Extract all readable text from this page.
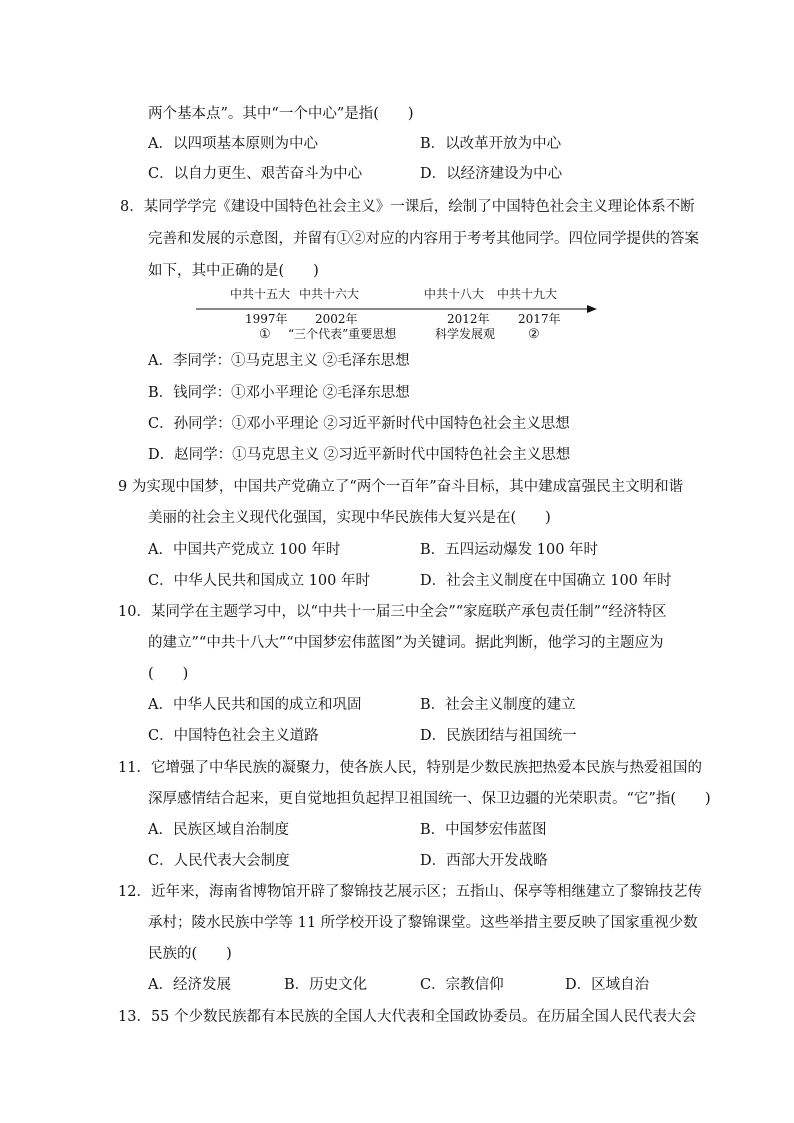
两个基本点”。其中“一个中心”是指(　　)
A．以四项基本原则为中心	B．以改革开放为中心
C．以自力更生、艰苦奋斗为中心	D．以经济建设为中心
8．某同学学完《建设中国特色社会主义》一课后，绘制了中国特色社会主义理论体系不断
完善和发展的示意图，并留有①②对应的内容用于考考其他同学。四位同学提供的答案
如下，其中正确的是(　　)
中共十五大 中共十六大	中共十八大 中共十九大
1997年 2002年	2012年 2017年
① “三个代表”重要思想	科学发展观	②
A．李同学：①马克思主义 ②毛泽东思想
B．钱同学：①邓小平理论 ②毛泽东思想
C．孙同学：①邓小平理论 ②习近平新时代中国特色社会主义思想
D．赵同学：①马克思主义 ②习近平新时代中国特色社会主义思想
9 为实现中国梦，中国共产党确立了“两个一百年”奋斗目标，其中建成富强民主文明和谐
美丽的社会主义现代化强国，实现中华民族伟大复兴是在(　　)
A．中国共产党成立 100 年时	B．五四运动爆发 100 年时
C．中华人民共和国成立 100 年时	D．社会主义制度在中国确立 100 年时
10．某同学在主题学习中，以“中共十一届三中全会”“家庭联产承包责任制”“经济特区
的建立”“中共十八大”“中国梦宏伟蓝图”为关键词。据此判断，他学习的主题应为
(　　)
A．中华人民共和国的成立和巩固	B．社会主义制度的建立
C．中国特色社会主义道路	D．民族团结与祖国统一
11．它增强了中华民族的凝聚力，使各族人民，特别是少数民族把热爱本民族与热爱祖国的
深厚感情结合起来，更自觉地担负起捍卫祖国统一、保卫边疆的光荣职责。“它”指(　　)
A．民族区域自治制度	B．中国梦宏伟蓝图
C．人民代表大会制度	D．西部大开发战略
12．近年来，海南省博物馆开辟了黎锦技艺展示区；五指山、保亭等相继建立了黎锦技艺传
承村；陵水民族中学等 11 所学校开设了黎锦课堂。这些举措主要反映了国家重视少数
民族的(　　)
A．经济发展	B．历史文化	C．宗教信仰	D．区域自治
13．55 个少数民族都有本民族的全国人大代表和全国政协委员。在历届全国人民代表大会
